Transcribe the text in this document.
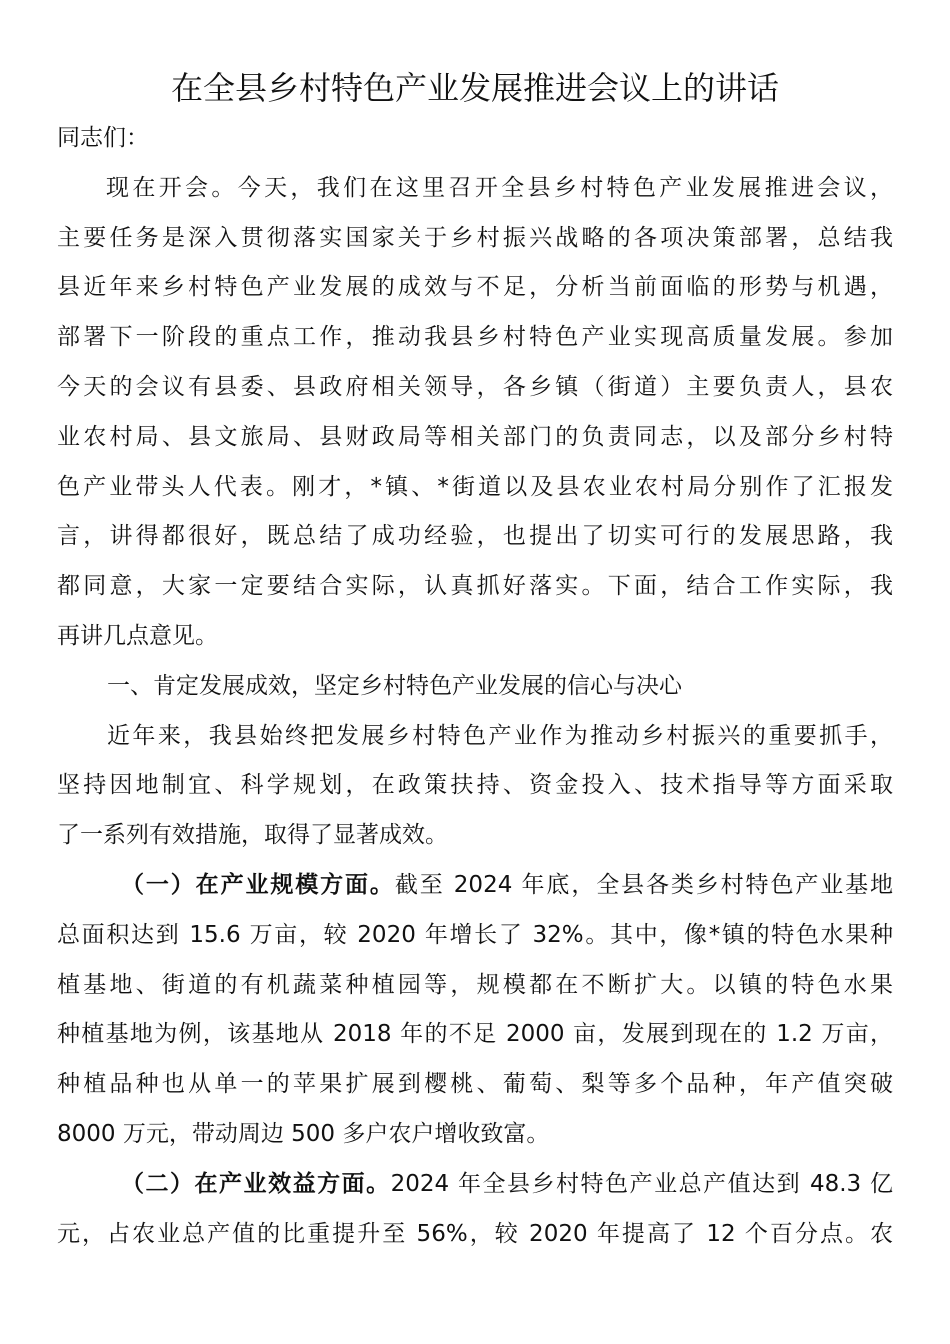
在全县乡村特色产业发展推进会议上的讲话
同志们：
现在开会。今天，我们在这里召开全县乡村特色产业发展推进会议，
主要任务是深入贯彻落实国家关于乡村振兴战略的各项决策部署，总结我
县近年来乡村特色产业发展的成效与不足，分析当前面临的形势与机遇，
部署下一阶段的重点工作，推动我县乡村特色产业实现高质量发展。参加
今天的会议有县委、县政府相关领导，各乡镇（街道）主要负责人，县农
业农村局、县文旅局、县财政局等相关部门的负责同志，以及部分乡村特
色产业带头人代表。刚才，*镇、*街道以及县农业农村局分别作了汇报发
言，讲得都很好，既总结了成功经验，也提出了切实可行的发展思路，我
都同意，大家一定要结合实际，认真抓好落实。下面，结合工作实际，我
再讲几点意见。
一、肯定发展成效，坚定乡村特色产业发展的信心与决心
近年来，我县始终把发展乡村特色产业作为推动乡村振兴的重要抓手，
坚持因地制宜、科学规划，在政策扶持、资金投入、技术指导等方面采取
了一系列有效措施，取得了显著成效。
（一）在产业规模方面。截至 2024 年底，全县各类乡村特色产业基地
总面积达到 15.6 万亩，较 2020 年增长了 32%。其中，像*镇的特色水果种
植基地、街道的有机蔬菜种植园等，规模都在不断扩大。以镇的特色水果
种植基地为例，该基地从 2018 年的不足 2000 亩，发展到现在的 1.2 万亩，
种植品种也从单一的苹果扩展到樱桃、葡萄、梨等多个品种，年产值突破
8000 万元，带动周边 500 多户农户增收致富。
（二）在产业效益方面。2024 年全县乡村特色产业总产值达到 48.3 亿
元，占农业总产值的比重提升至 56%，较 2020 年提高了 12 个百分点。农
